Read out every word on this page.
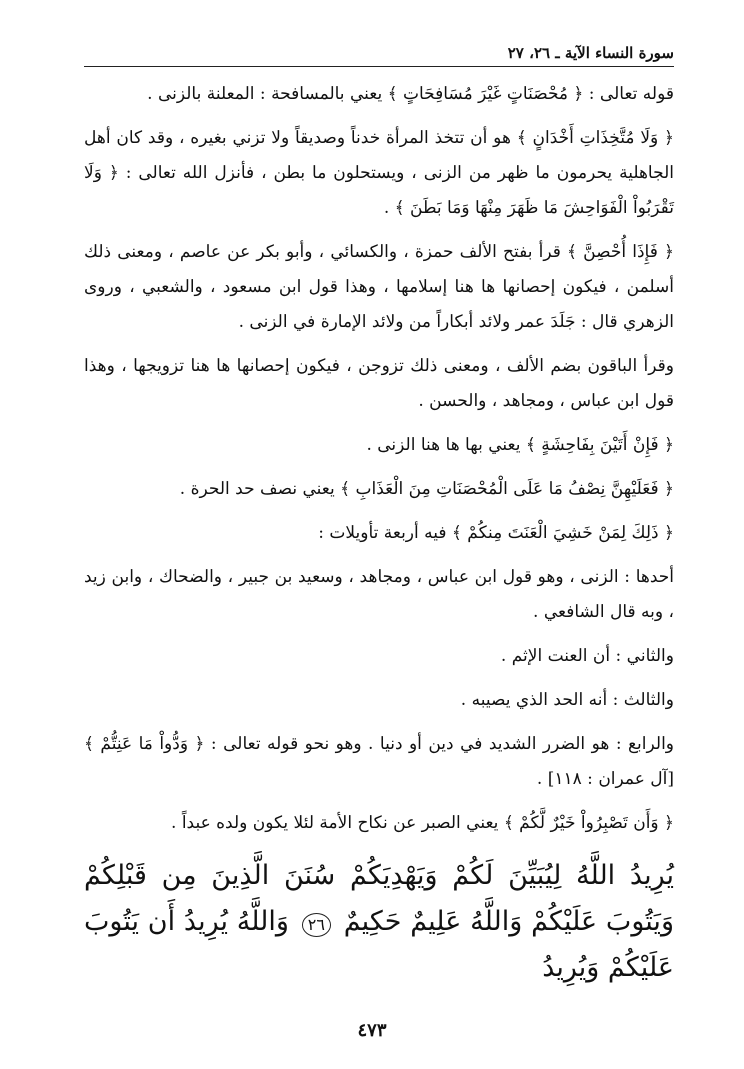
سورة النساء الآية ـ ٢٦، ٢٧

قوله تعالى : ﴿ مُحْصَنَاتٍ غَيْرَ مُسَافِحَاتٍ ﴾ يعني بالمسافحة : المعلنة بالزنى .

﴿ وَلَا مُتَّخِذَاتِ أَخْدَانٍ ﴾ هو أن تتخذ المرأة خدناً وصديقاً ولا تزني بغيره ، وقد كان أهل الجاهلية يحرمون ما ظهر من الزنى ، ويستحلون ما بطن ، فأنزل الله تعالى : ﴿ وَلَا تَقْرَبُواْ الْفَوَاحِشَ مَا ظَهَرَ مِنْهَا وَمَا بَطَنَ ﴾ .

﴿ فَإِذَا أُحْصِنَّ ﴾ قرأ بفتح الألف حمزة ، والكسائي ، وأبو بكر عن عاصم ، ومعنى ذلك أسلمن ، فيكون إحصانها ها هنا إسلامها ، وهذا قول ابن مسعود ، والشعبي ، وروى الزهري قال : جَلَدَ عمر ولائد أبكاراً من ولائد الإمارة في الزنى .

وقرأ الباقون بضم الألف ، ومعنى ذلك تزوجن ، فيكون إحصانها ها هنا تزويجها ، وهذا قول ابن عباس ، ومجاهد ، والحسن .

﴿ فَإِنْ أَتَيْنَ بِفَاحِشَةٍ ﴾ يعني بها ها هنا الزنى .

﴿ فَعَلَيْهِنَّ نِصْفُ مَا عَلَى الْمُحْصَنَاتِ مِنَ الْعَذَابِ ﴾ يعني نصف حد الحرة .

﴿ ذَلِكَ لِمَنْ خَشِيَ الْعَنَتَ مِنكُمْ ﴾ فيه أربعة تأويلات :

أحدها : الزنى ، وهو قول ابن عباس ، ومجاهد ، وسعيد بن جبير ، والضحاك ، وابن زيد ، وبه قال الشافعي .

والثاني : أن العنت الإثم .

والثالث : أنه الحد الذي يصيبه .

والرابع : هو الضرر الشديد في دين أو دنيا . وهو نحو قوله تعالى : ﴿ وَدُّواْ مَا عَنِتُّمْ ﴾ [آل عمران : ١١٨] .

﴿ وَأَن تَصْبِرُواْ خَيْرٌ لَّكُمْ ﴾ يعني الصبر عن نكاح الأمة لئلا يكون ولده عبداً .

يُرِيدُ اللَّهُ لِيُبَيِّنَ لَكُمْ وَيَهْدِيَكُمْ سُنَنَ الَّذِينَ مِن قَبْلِكُمْ وَيَتُوبَ عَلَيْكُمْ وَاللَّهُ عَلِيمٌ حَكِيمٌ ٢٦ وَاللَّهُ يُرِيدُ أَن يَتُوبَ عَلَيْكُمْ وَيُرِيدُ
٤٧٣
